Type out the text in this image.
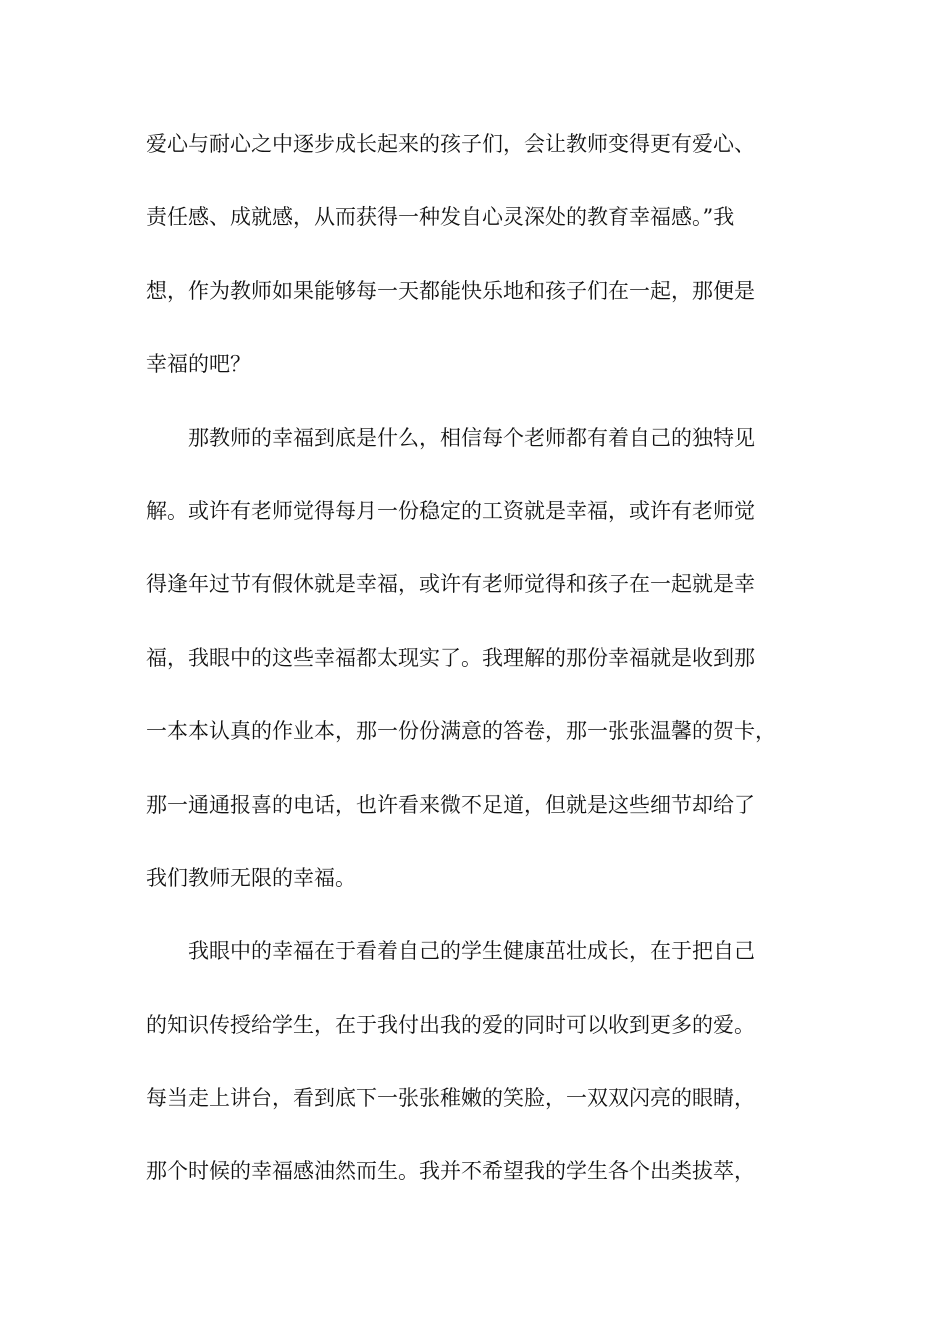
爱心与耐心之中逐步成长起来的孩子们，会让教师变得更有爱心、
责任感、成就感，从而获得一种发自心灵深处的教育幸福感。”我
想，作为教师如果能够每一天都能快乐地和孩子们在一起，那便是
幸福的吧？
那教师的幸福到底是什么，相信每个老师都有着自己的独特见
解。或许有老师觉得每月一份稳定的工资就是幸福，或许有老师觉
得逢年过节有假休就是幸福，或许有老师觉得和孩子在一起就是幸
福，我眼中的这些幸福都太现实了。我理解的那份幸福就是收到那
一本本认真的作业本，那一份份满意的答卷，那一张张温馨的贺卡，
那一通通报喜的电话，也许看来微不足道，但就是这些细节却给了
我们教师无限的幸福。
我眼中的幸福在于看着自己的学生健康茁壮成长，在于把自己
的知识传授给学生，在于我付出我的爱的同时可以收到更多的爱。
每当走上讲台，看到底下一张张稚嫩的笑脸，一双双闪亮的眼睛，
那个时候的幸福感油然而生。我并不希望我的学生各个出类拔萃，
